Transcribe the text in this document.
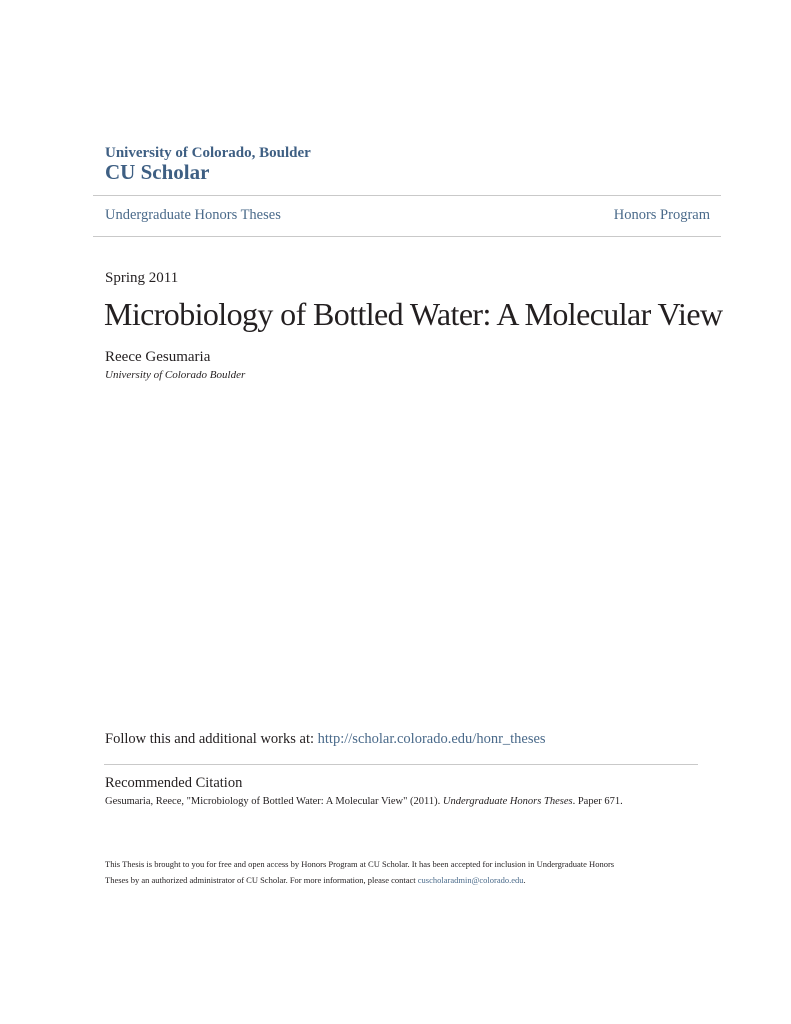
University of Colorado, Boulder
CU Scholar
Undergraduate Honors Theses	Honors Program
Spring 2011
Microbiology of Bottled Water: A Molecular View
Reece Gesumaria
University of Colorado Boulder
Follow this and additional works at: http://scholar.colorado.edu/honr_theses
Recommended Citation
Gesumaria, Reece, "Microbiology of Bottled Water: A Molecular View" (2011). Undergraduate Honors Theses. Paper 671.
This Thesis is brought to you for free and open access by Honors Program at CU Scholar. It has been accepted for inclusion in Undergraduate Honors
Theses by an authorized administrator of CU Scholar. For more information, please contact cuscholaradmin@colorado.edu.
